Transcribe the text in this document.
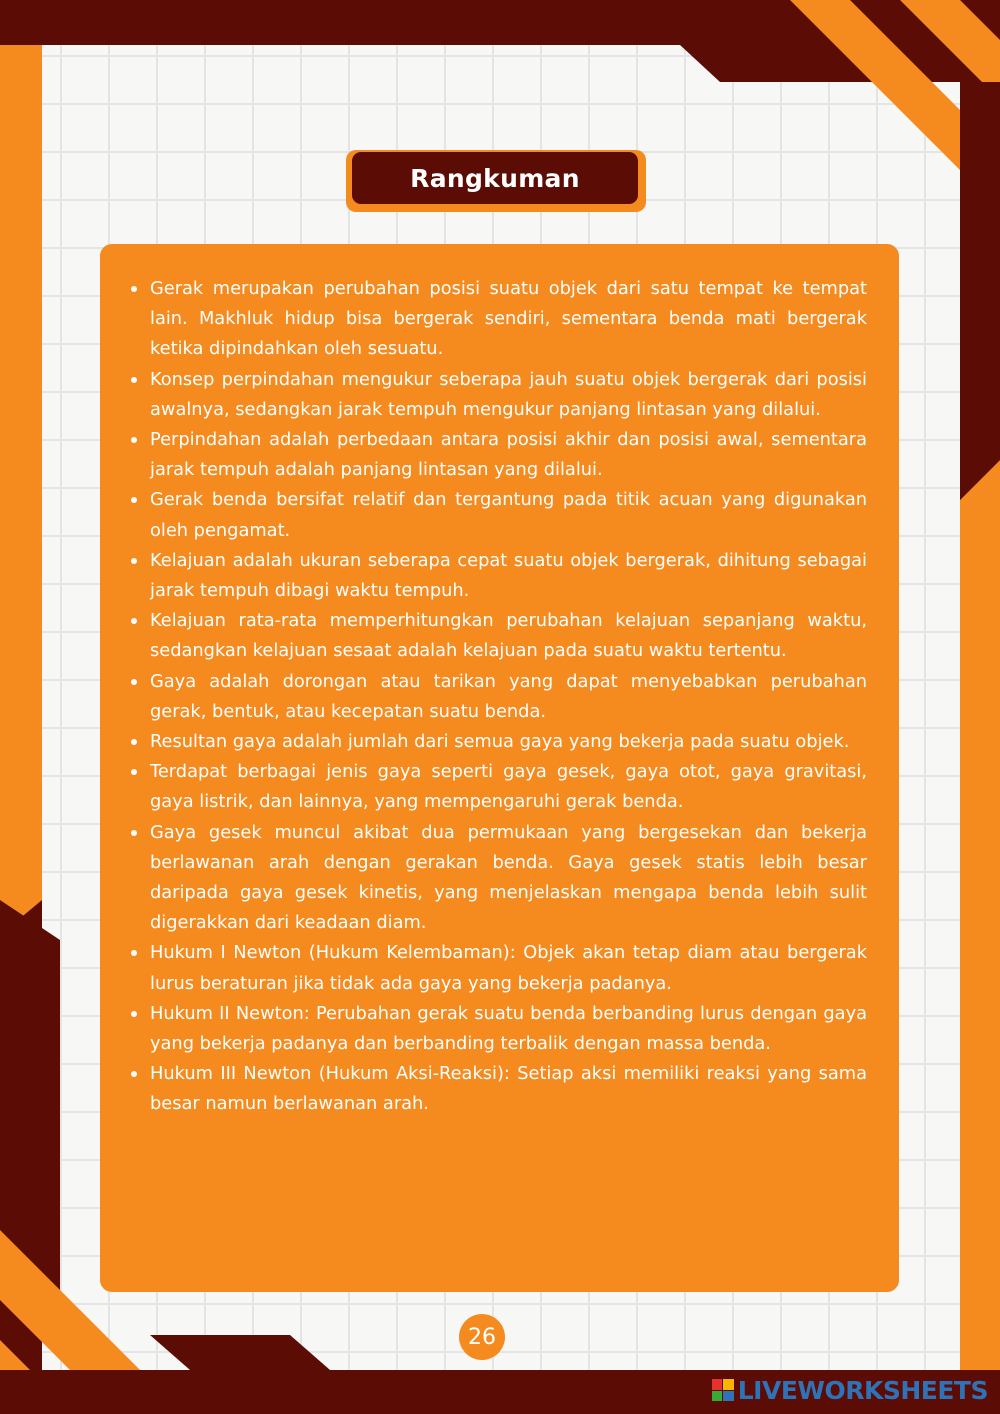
Rangkuman
Gerak merupakan perubahan posisi suatu objek dari satu tempat ke tempat lain. Makhluk hidup bisa bergerak sendiri, sementara benda mati bergerak ketika dipindahkan oleh sesuatu.
Konsep perpindahan mengukur seberapa jauh suatu objek bergerak dari posisi awalnya, sedangkan jarak tempuh mengukur panjang lintasan yang dilalui.
Perpindahan adalah perbedaan antara posisi akhir dan posisi awal, sementara jarak tempuh adalah panjang lintasan yang dilalui.
Gerak benda bersifat relatif dan tergantung pada titik acuan yang digunakan oleh pengamat.
Kelajuan adalah ukuran seberapa cepat suatu objek bergerak, dihitung sebagai jarak tempuh dibagi waktu tempuh.
Kelajuan rata-rata memperhitungkan perubahan kelajuan sepanjang waktu, sedangkan kelajuan sesaat adalah kelajuan pada suatu waktu tertentu.
Gaya adalah dorongan atau tarikan yang dapat menyebabkan perubahan gerak, bentuk, atau kecepatan suatu benda.
Resultan gaya adalah jumlah dari semua gaya yang bekerja pada suatu objek.
Terdapat berbagai jenis gaya seperti gaya gesek, gaya otot, gaya gravitasi, gaya listrik, dan lainnya, yang mempengaruhi gerak benda.
Gaya gesek muncul akibat dua permukaan yang bergesekan dan bekerja berlawanan arah dengan gerakan benda. Gaya gesek statis lebih besar daripada gaya gesek kinetis, yang menjelaskan mengapa benda lebih sulit digerakkan dari keadaan diam.
Hukum I Newton (Hukum Kelembaman): Objek akan tetap diam atau bergerak lurus beraturan jika tidak ada gaya yang bekerja padanya.
Hukum II Newton: Perubahan gerak suatu benda berbanding lurus dengan gaya yang bekerja padanya dan berbanding terbalik dengan massa benda.
Hukum III Newton (Hukum Aksi-Reaksi): Setiap aksi memiliki reaksi yang sama besar namun berlawanan arah.
26
LIVEWORKSHEETS
